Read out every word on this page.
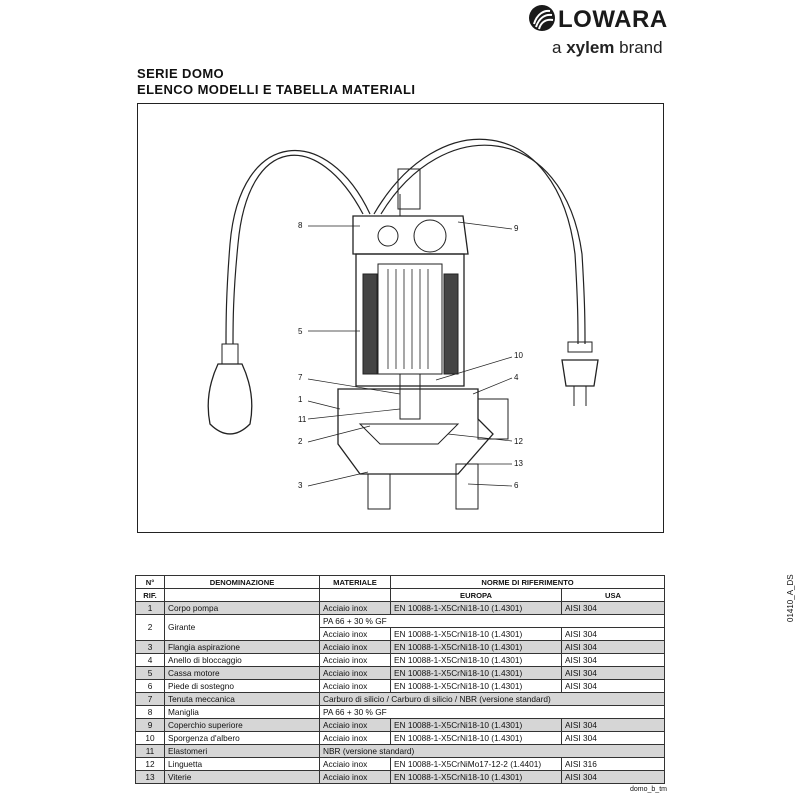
LOWARA
a xylem brand
SERIE DOMO
ELENCO MODELLI E TABELLA MATERIALI
8	9
5
10
7	4
1
11
2	12
13
3	6
01410_A_DS
N°	DENOMINAZIONE	MATERIALE	NORME DI RIFERIMENTO	
RIF.			EUROPA	USA
1	Corpo pompa	Acciaio inox	EN 10088-1-X5CrNi18-10 (1.4301)	AISI 304
2	Girante	PA 66 + 30 % GF		
		Acciaio inox	EN 10088-1-X5CrNi18-10 (1.4301)	AISI 304
3	Flangia aspirazione	Acciaio inox	EN 10088-1-X5CrNi18-10 (1.4301)	AISI 304
4	Anello di bloccaggio	Acciaio inox	EN 10088-1-X5CrNi18-10 (1.4301)	AISI 304
5	Cassa motore	Acciaio inox	EN 10088-1-X5CrNi18-10 (1.4301)	AISI 304
6	Piede di sostegno	Acciaio inox	EN 10088-1-X5CrNi18-10 (1.4301)	AISI 304
7	Tenuta meccanica	Carburo di silicio / Carburo di silicio / NBR (versione standard)		
8	Maniglia	PA 66 + 30 % GF		
9	Coperchio superiore	Acciaio inox	EN 10088-1-X5CrNi18-10 (1.4301)	AISI 304
10	Sporgenza d'albero	Acciaio inox	EN 10088-1-X5CrNi18-10 (1.4301)	AISI 304
11	Elastomeri	NBR (versione standard)		
12	Linguetta	Acciaio inox	EN 10088-1-X5CrNiMo17-12-2 (1.4401)	AISI 316
13	Viterie	Acciaio inox	EN 10088-1-X5CrNi18-10 (1.4301)	AISI 304
domo_b_tm
